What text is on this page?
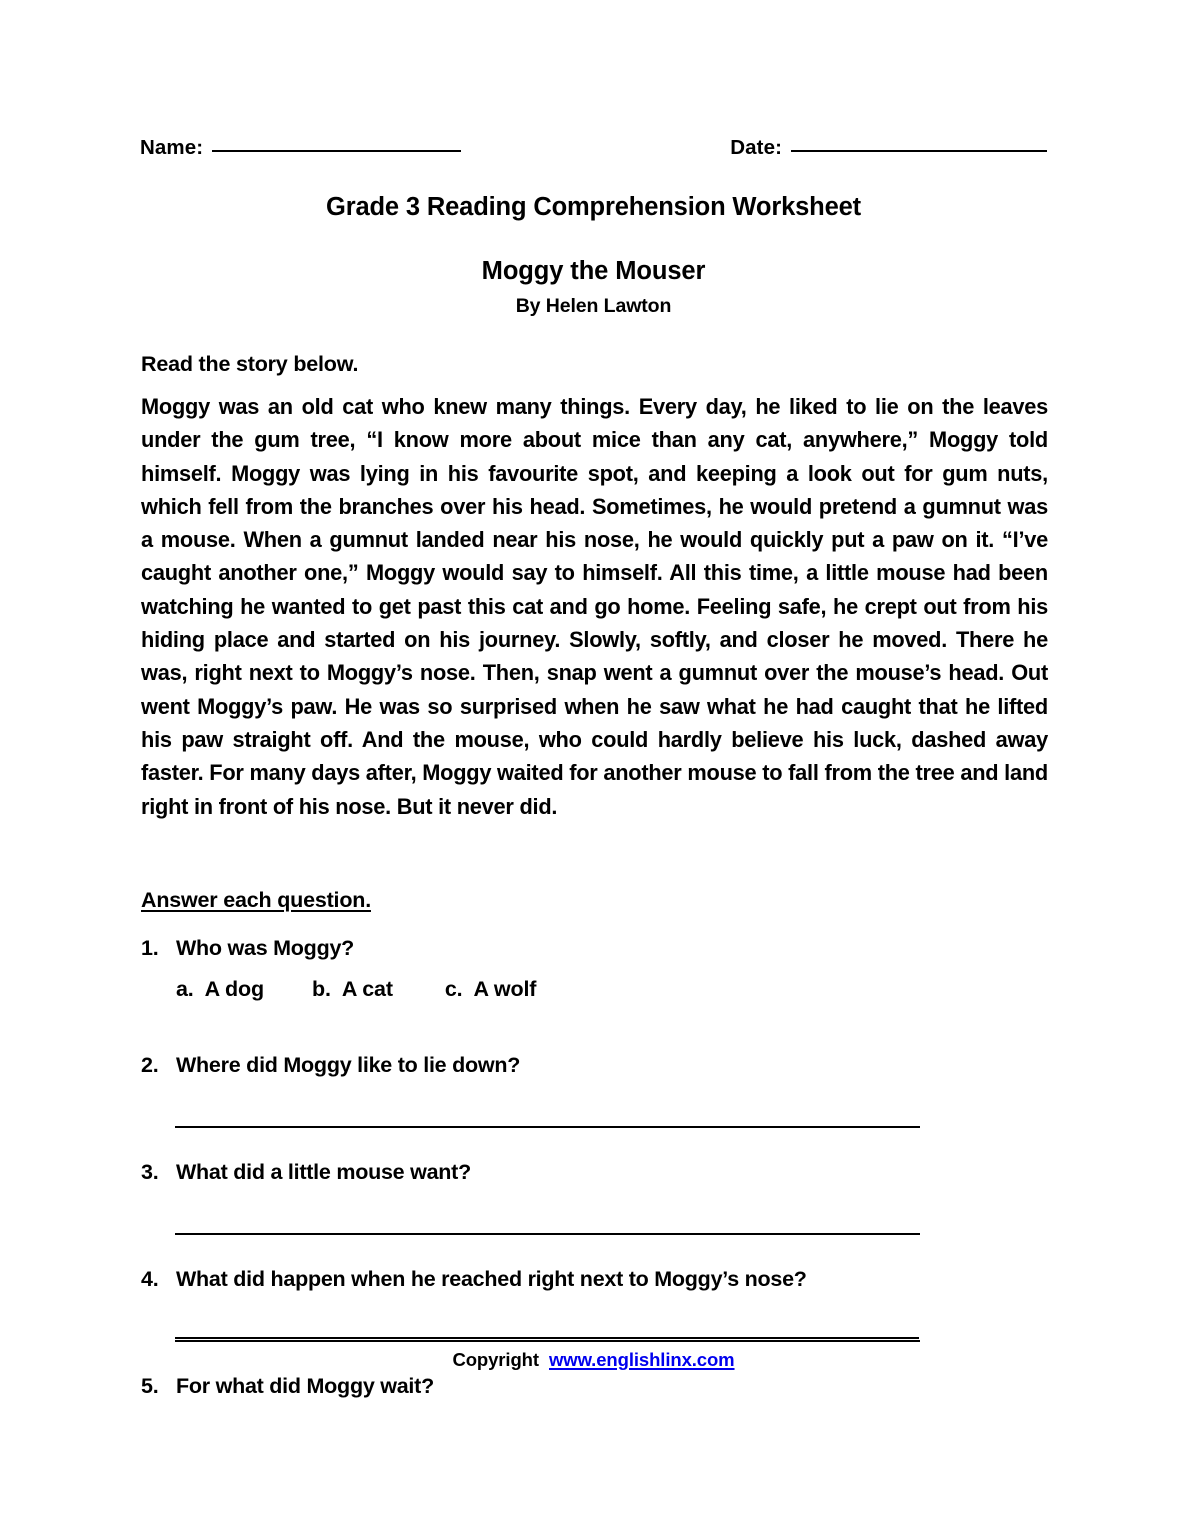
Name:	Date:
Grade 3 Reading Comprehension Worksheet
Moggy the Mouser
By Helen Lawton
Read the story below.
Moggy was an old cat who knew many things. Every day, he liked to lie on the leaves under the gum tree, “I know more about mice than any cat, anywhere,” Moggy told himself. Moggy was lying in his favourite spot, and keeping a look out for gum nuts, which fell from the branches over his head. Sometimes, he would pretend a gumnut was a mouse. When a gumnut landed near his nose, he would quickly put a paw on it. “I’ve caught another one,” Moggy would say to himself. All this time, a little mouse had been watching he wanted to get past this cat and go home. Feeling safe, he crept out from his hiding place and started on his journey. Slowly, softly, and closer he moved. There he was, right next to Moggy’s nose. Then, snap went a gumnut over the mouse’s head. Out went Moggy’s paw. He was so surprised when he saw what he had caught that he lifted his paw straight off. And the mouse, who could hardly believe his luck, dashed away faster. For many days after, Moggy waited for another mouse to fall from the tree and land right in front of his nose. But it never did.
Answer each question.
1. Who was Moggy?
a. A dog b. A cat c. A wolf
2. Where did Moggy like to lie down?
3. What did a little mouse want?
4. What did happen when he reached right next to Moggy’s nose?
5. For what did Moggy wait?
Copyright www.englishlinx.com
